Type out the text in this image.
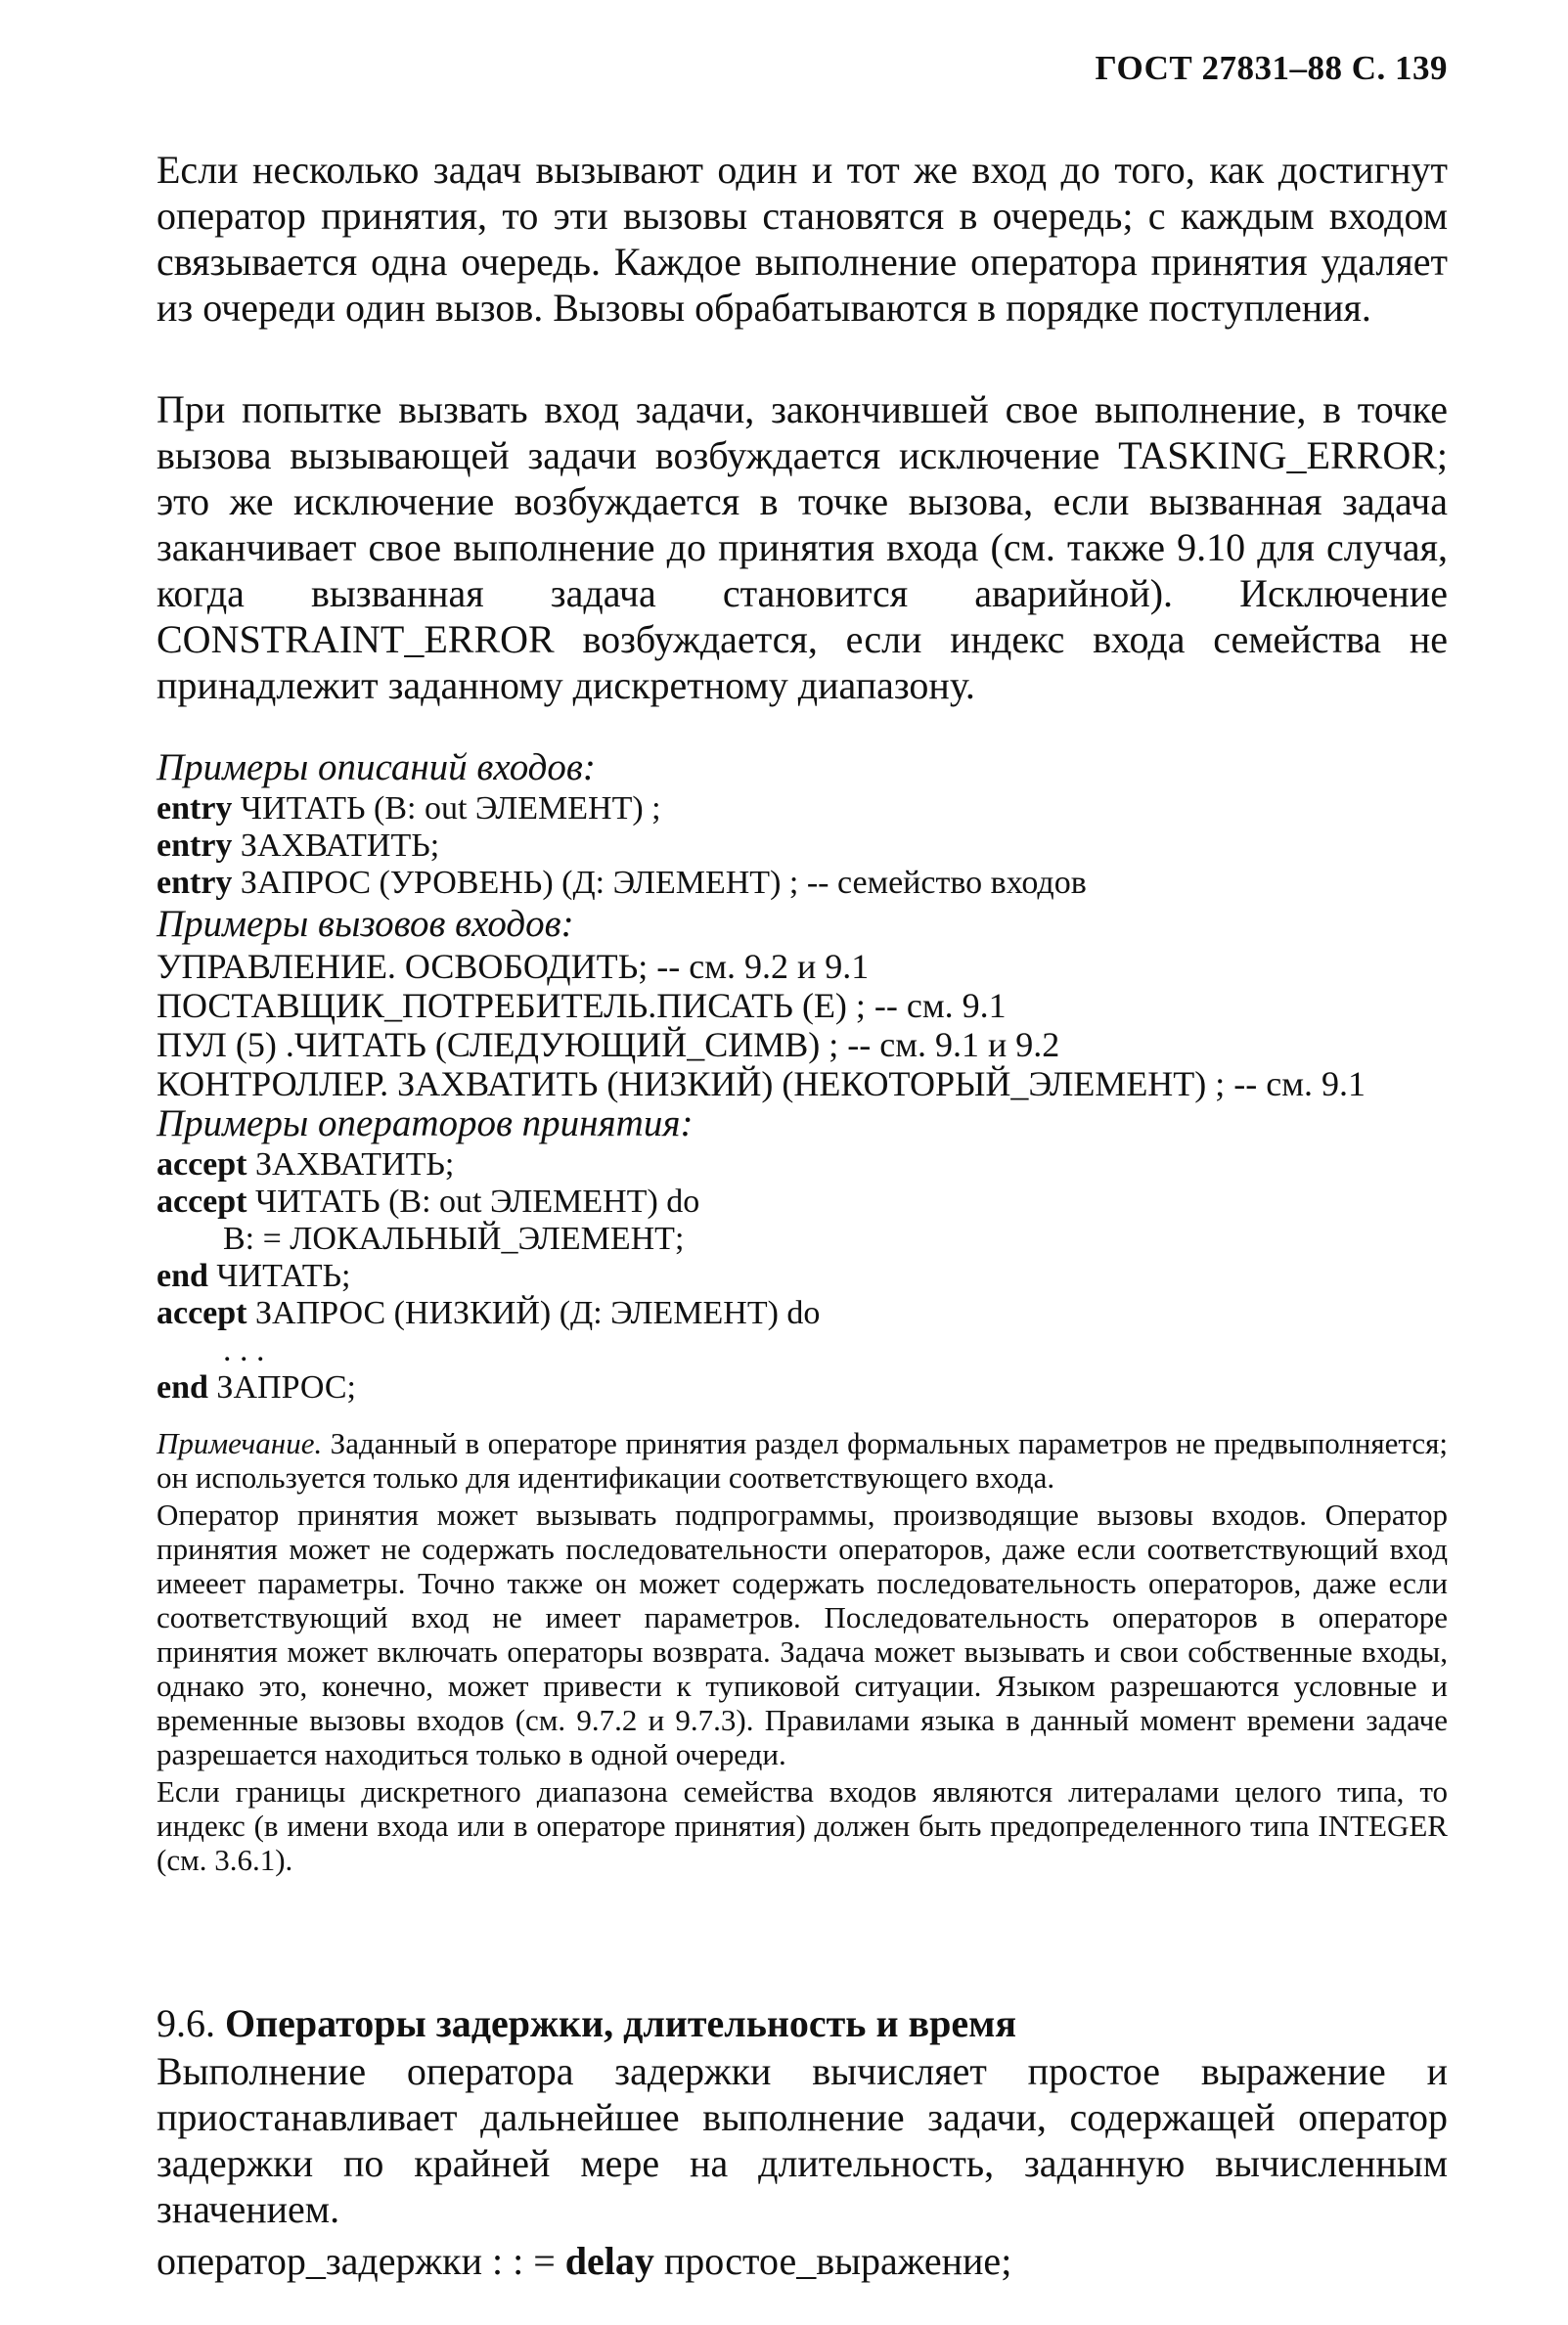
ГОСТ 27831–88 С. 139

Если несколько задач вызывают один и тот же вход до того, как достигнут оператор принятия, то эти вызовы становятся в очередь; с каждым входом связывается одна очередь. Каждое выполнение оператора принятия удаляет из очереди один вызов. Вызовы обрабатываются в порядке поступления.

При попытке вызвать вход задачи, закончившей свое выполнение, в точке вызова вызывающей задачи возбуждается исключение TASKING_ERROR; это же исключение возбуждается в точке вызова, если вызванная задача заканчивает свое выполнение до принятия входа (см. также 9.10 для случая, когда вызванная задача становится аварийной). Исключение CONSTRAINT_ERROR возбуждается, если индекс входа семейства не принадлежит заданному дискретному диапазону.

Примеры описаний входов:
entry ЧИТАТЬ (В: out ЭЛЕМЕНТ) ;
entry ЗАХВАТИТЬ;
entry ЗАПРОС (УРОВЕНЬ) (Д: ЭЛЕМЕНТ) ; -- семейство входов
Примеры вызовов входов:
УПРАВЛЕНИЕ. ОСВОБОДИТЬ; -- см. 9.2 и 9.1
ПОСТАВЩИК_ПОТРЕБИТЕЛЬ.ПИСАТЬ (Е) ; -- см. 9.1
ПУЛ (5) .ЧИТАТЬ (СЛЕДУЮЩИЙ_СИМВ) ; -- см. 9.1 и 9.2
КОНТРОЛЛЕР. ЗАХВАТИТЬ (НИЗКИЙ) (НЕКОТОРЫЙ_ЭЛЕМЕНТ) ; -- см. 9.1
Примеры операторов принятия:
accept ЗАХВАТИТЬ;
accept ЧИТАТЬ (В: out ЭЛЕМЕНТ) do
В: = ЛОКАЛЬНЫЙ_ЭЛЕМЕНТ;
end ЧИТАТЬ;
accept ЗАПРОС (НИЗКИЙ) (Д: ЭЛЕМЕНТ) do
. . .
end ЗАПРОС;

Примечание. Заданный в операторе принятия раздел формальных параметров не предвыполняется; он используется только для идентификации соответствующего входа.

Оператор принятия может вызывать подпрограммы, производящие вызовы входов. Оператор принятия может не содержать последовательности операторов, даже если соответствующий вход имееет параметры. Точно также он может содержать последовательность операторов, даже если соответствующий вход не имеет параметров. Последовательность операторов в операторе принятия может включать операторы возврата. Задача может вызывать и свои собственные входы, однако это, конечно, может привести к тупиковой ситуации. Языком разрешаются условные и временные вызовы входов (см. 9.7.2 и 9.7.3). Правилами языка в данный момент времени задаче разрешается находиться только в одной очереди.

Если границы дискретного диапазона семейства входов являются литералами целого типа, то индекс (в имени входа или в операторе принятия) должен быть предопределенного типа INTEGER (см. 3.6.1).

9.6. Операторы задержки, длительность и время

Выполнение оператора задержки вычисляет простое выражение и приостанавливает дальнейшее выполнение задачи, содержащей оператор задержки по крайней мере на длительность, заданную вычисленным значением.

оператор_задержки : : = delay простое_выражение;
